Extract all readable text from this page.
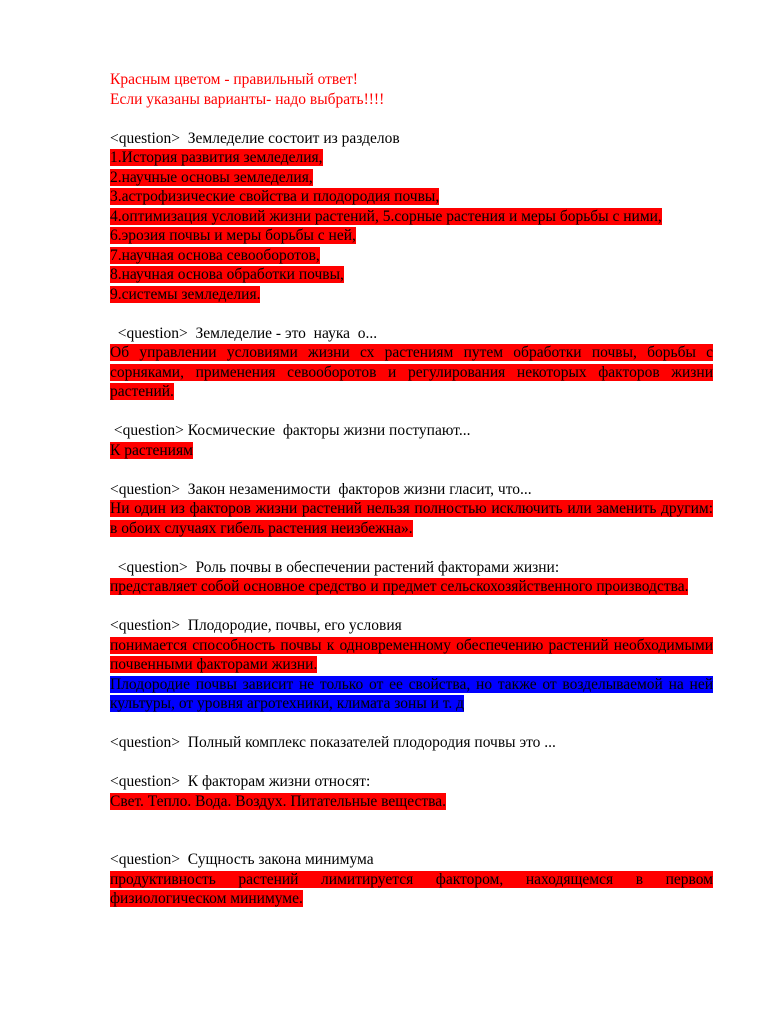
Красным цветом - правильный ответ!
Если указаны варианты- надо выбрать!!!!
<question>  Земледелие состоит из разделов
1.История развития земледелия,
2.научные основы земледелия,
3.астрофизические свойства и плодородия почвы,
4.оптимизация условий жизни растений, 5.сорные растения и меры борьбы с ними,
6.эрозия почвы и меры борьбы с ней,
7.научная основа севооборотов,
8.научная основа обработки почвы,
9.системы земледелия.
<question>  Земледелие - это  наука  о...
Об управлении условиями жизни сх растениям путем обработки почвы, борьбы с сорняками, применения севооборотов и регулирования некоторых факторов жизни растений.
<question> Космические  факторы жизни поступают...
К растениям
<question>  Закон незаменимости  факторов жизни гласит, что...
Ни один из факторов жизни растений нельзя полностью исключить или заменить другим: в обоих случаях гибель растения неизбежна».
<question>  Роль почвы в обеспечении растений факторами жизни:
представляет собой основное средство и предмет сельскохозяйственного производства.
<question>  Плодородие, почвы, его условия
понимается способность почвы к одновременному обеспечению растений необходимыми почвенными факторами жизни.
Плодородие почвы зависит не только от ее свойства, но также от возделываемой на ней культуры, от уровня агротехники, климата зоны и т. д
<question>  Полный комплекс показателей плодородия почвы это ...
<question>  К факторам жизни относят:
Свет. Тепло. Вода. Воздух. Питательные вещества.
<question>  Сущность закона минимума
продуктивность растений лимитируется фактором, находящемся в первом физиологическом минимуме.
